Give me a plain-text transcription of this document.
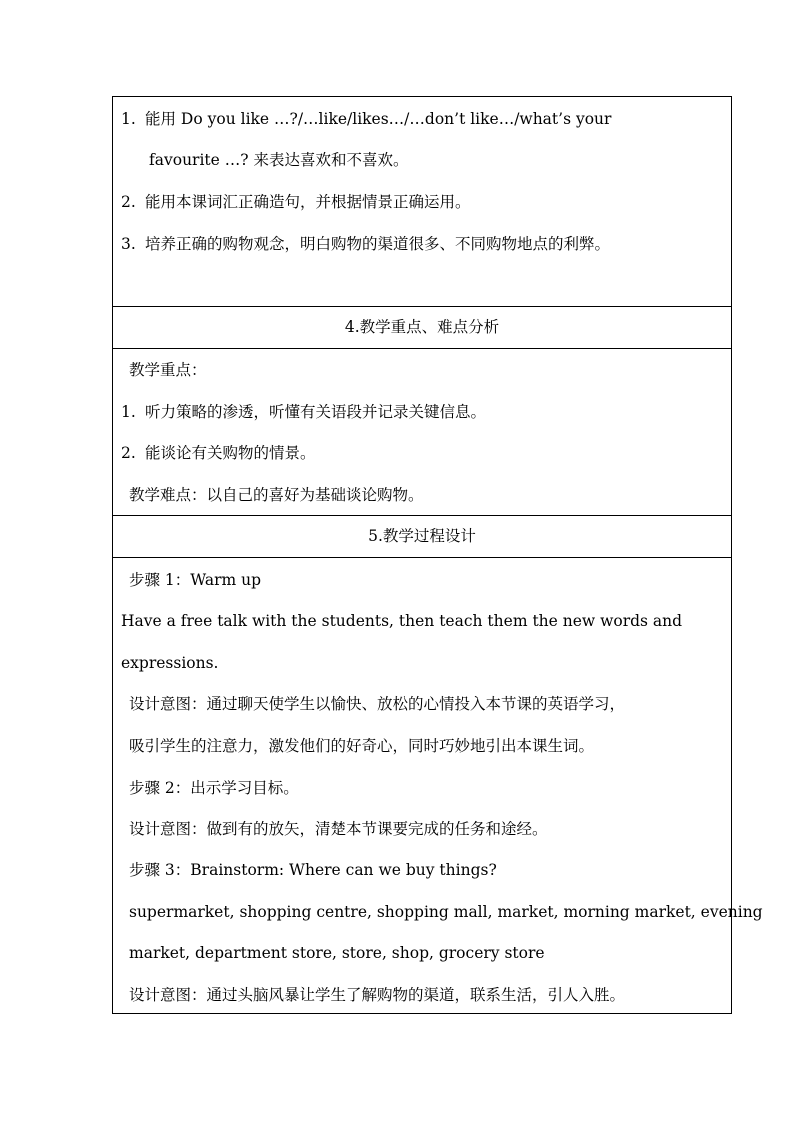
1. 能用 Do you like …?/…like/likes…/…don’t like…/what’s your
favourite …? 来表达喜欢和不喜欢。
2. 能用本课词汇正确造句，并根据情景正确运用。
3. 培养正确的购物观念，明白购物的渠道很多、不同购物地点的利弊。
4.教学重点、难点分析
教学重点：
1. 听力策略的渗透，听懂有关语段并记录关键信息。
2. 能谈论有关购物的情景。
教学难点：以自己的喜好为基础谈论购物。
5.教学过程设计
步骤 1：Warm up
Have a free talk with the students, then teach them the new words and
expressions.
设计意图：通过聊天使学生以愉快、放松的心情投入本节课的英语学习，
吸引学生的注意力，激发他们的好奇心，同时巧妙地引出本课生词。
步骤 2：出示学习目标。
设计意图：做到有的放矢，清楚本节课要完成的任务和途经。
步骤 3：Brainstorm: Where can we buy things?
supermarket, shopping centre, shopping mall, market, morning market, evening
market, department store, store, shop, grocery store
设计意图：通过头脑风暴让学生了解购物的渠道，联系生活，引人入胜。
